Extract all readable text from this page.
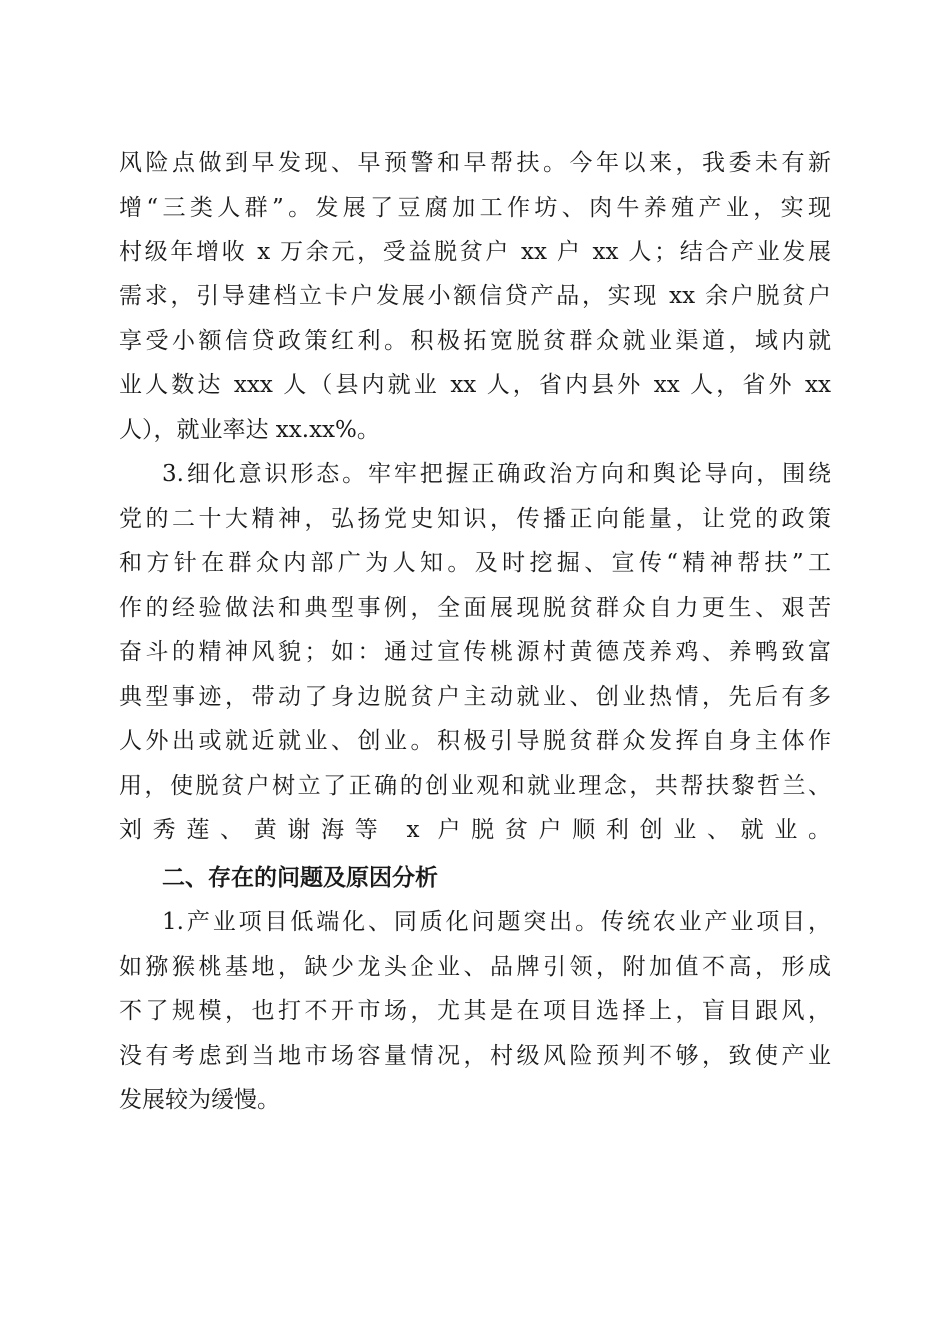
风险点做到早发现、早预警和早帮扶。今年以来，我委未有新
增“三类人群”。发展了豆腐加工作坊、肉牛养殖产业，实现
村级年增收 x 万余元，受益脱贫户 xx 户 xx 人；结合产业发展
需求，引导建档立卡户发展小额信贷产品，实现 xx 余户脱贫户
享受小额信贷政策红利。积极拓宽脱贫群众就业渠道，域内就
业人数达 xxx 人（县内就业 xx 人，省内县外 xx 人，省外 xx
人），就业率达 xx.xx%。
3.细化意识形态。牢牢把握正确政治方向和舆论导向，围绕
党的二十大精神，弘扬党史知识，传播正向能量，让党的政策
和方针在群众内部广为人知。及时挖掘、宣传“精神帮扶”工
作的经验做法和典型事例，全面展现脱贫群众自力更生、艰苦
奋斗的精神风貌；如：通过宣传桃源村黄德茂养鸡、养鸭致富
典型事迹，带动了身边脱贫户主动就业、创业热情，先后有多
人外出或就近就业、创业。积极引导脱贫群众发挥自身主体作
用，使脱贫户树立了正确的创业观和就业理念，共帮扶黎哲兰、
刘秀莲、黄谢海等 x 户脱贫户顺利创业、就业。
二、存在的问题及原因分析
1.产业项目低端化、同质化问题突出。传统农业产业项目，
如猕猴桃基地，缺少龙头企业、品牌引领，附加值不高，形成
不了规模，也打不开市场，尤其是在项目选择上，盲目跟风，
没有考虑到当地市场容量情况，村级风险预判不够，致使产业
发展较为缓慢。
